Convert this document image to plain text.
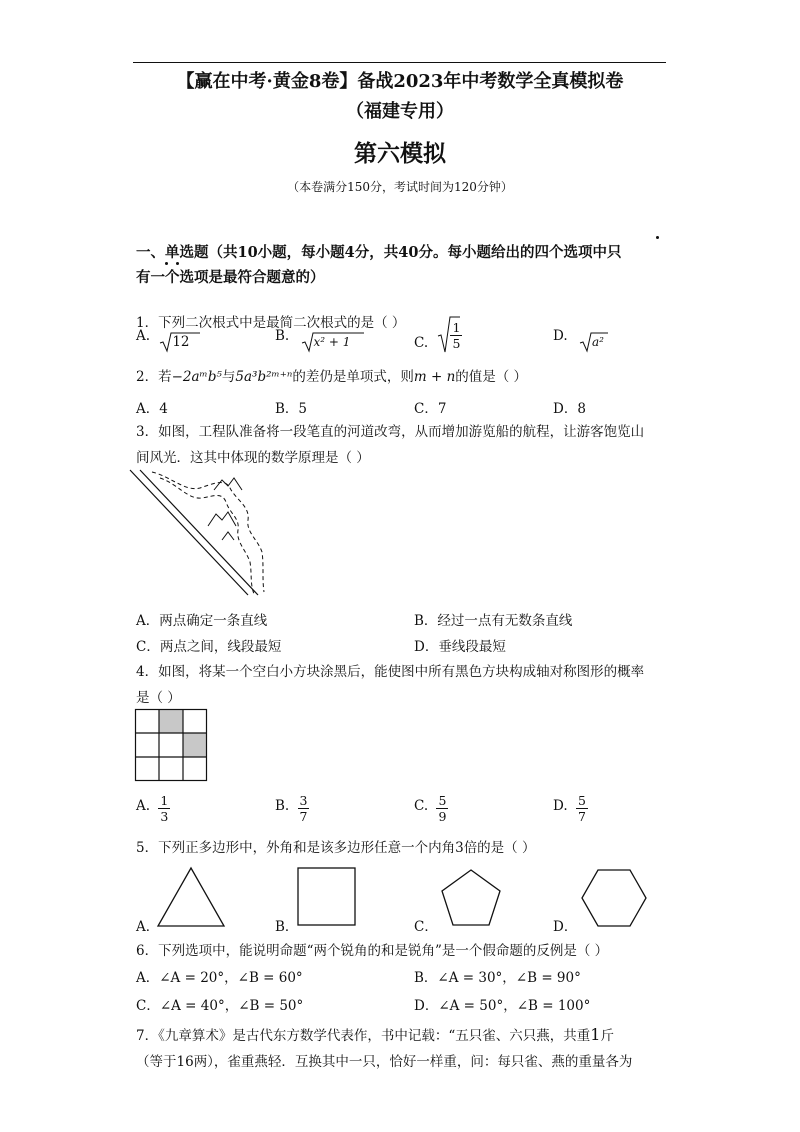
【赢在中考·黄金8卷】备战2023年中考数学全真模拟卷
（福建专用）
第六模拟
（本卷满分150分，考试时间为120分钟）
一、单选题（共10小题，每小题4分，共40分。每小题给出的四个选项中只
有一个选项是最符合题意的）
1．下列二次根式中是最简二次根式的是（ ）
A. 12	B. x² + 1	C. $\frac{1}{5}$	D. a²
2．若−2aᵐb⁵与5a³b²ᵐ⁺ⁿ的差仍是单项式，则m + n的值是（ ）
A．4	B．5	C．7	D．8
3．如图，工程队准备将一段笔直的河道改弯，从而增加游览船的航程，让游客饱览山
间风光．这其中体现的数学原理是（ ）
A．两点确定一条直线	B．经过一点有无数条直线
C．两点之间，线段最短	D．垂线段最短
4．如图，将某一个空白小方块涂黑后，能使图中所有黑色方块构成轴对称图形的概率
是（ ）
A. $\frac{1}{3}$	B. $\frac{3}{7}$	C. $\frac{5}{9}$	D. $\frac{5}{7}$
5．下列正多边形中，外角和是该多边形任意一个内角3倍的是（ ）
A．	B．	C．	D．
6．下列选项中，能说明命题“两个锐角的和是锐角”是一个假命题的反例是（ ）
A．∠A = 20°，∠B = 60°	B．∠A = 30°，∠B = 90°
C．∠A = 40°，∠B = 50°	D．∠A = 50°，∠B = 100°
7．《九章算术》是古代东方数学代表作，书中记载：“五只雀、六只燕，共重1斤
（等于16两），雀重燕轻．互换其中一只，恰好一样重，问：每只雀、燕的重量各为
